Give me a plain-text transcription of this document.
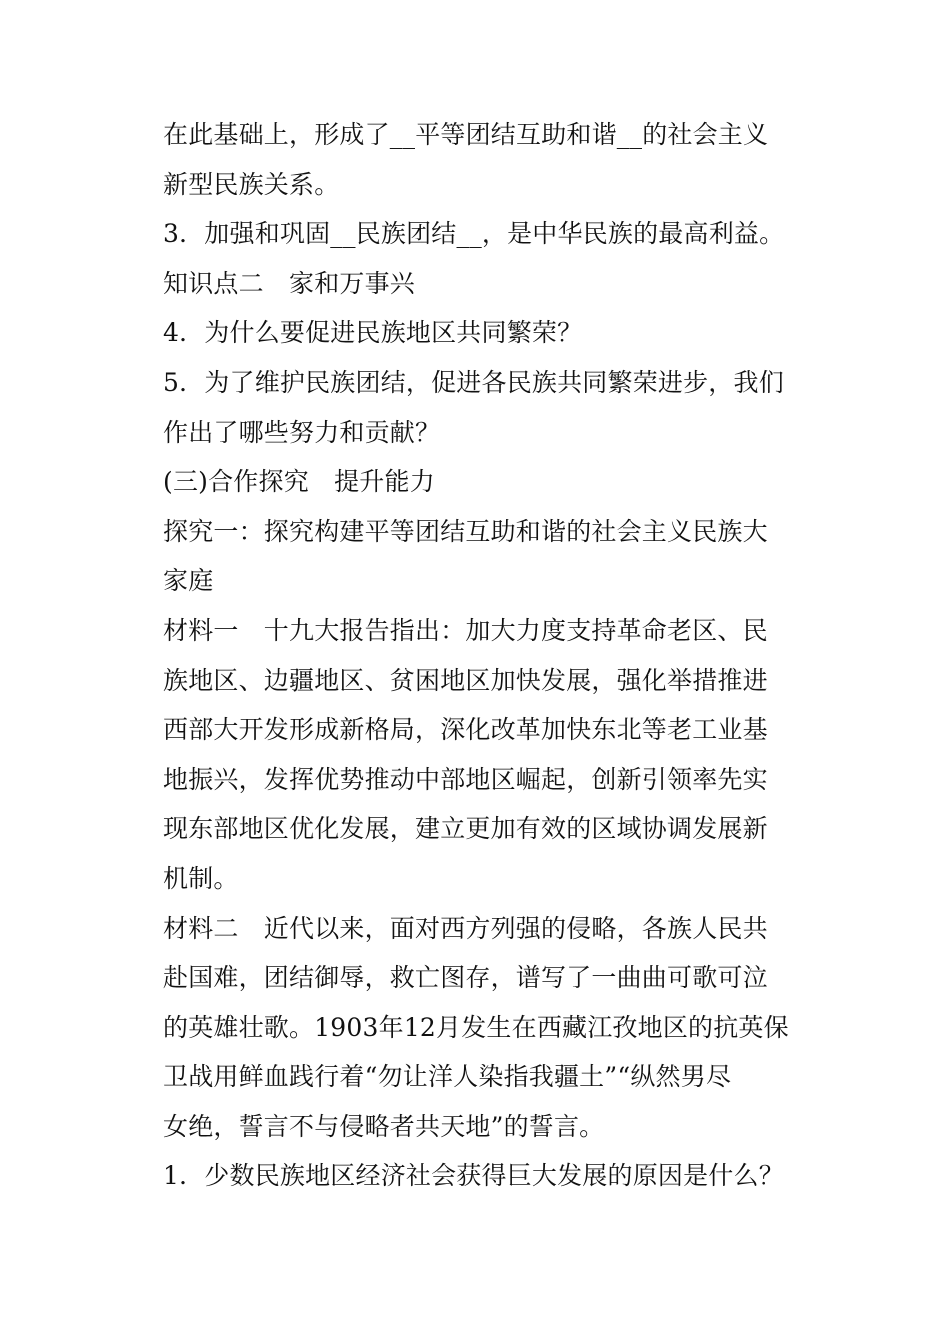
在此基础上，形成了__平等团结互助和谐__的社会主义
新型民族关系。
3．加强和巩固__民族团结__，是中华民族的最高利益。
知识点二　家和万事兴
4．为什么要促进民族地区共同繁荣？
5．为了维护民族团结，促进各民族共同繁荣进步，我们
作出了哪些努力和贡献？
(三)合作探究　提升能力
探究一：探究构建平等团结互助和谐的社会主义民族大
家庭
材料一　十九大报告指出：加大力度支持革命老区、民
族地区、边疆地区、贫困地区加快发展，强化举措推进
西部大开发形成新格局，深化改革加快东北等老工业基
地振兴，发挥优势推动中部地区崛起，创新引领率先实
现东部地区优化发展，建立更加有效的区域协调发展新
机制。
材料二　近代以来，面对西方列强的侵略，各族人民共
赴国难，团结御辱，救亡图存，谱写了一曲曲可歌可泣
的英雄壮歌。1903年12月发生在西藏江孜地区的抗英保
卫战用鲜血践行着“勿让洋人染指我疆土”“纵然男尽
女绝，誓言不与侵略者共天地”的誓言。
1．少数民族地区经济社会获得巨大发展的原因是什么？
